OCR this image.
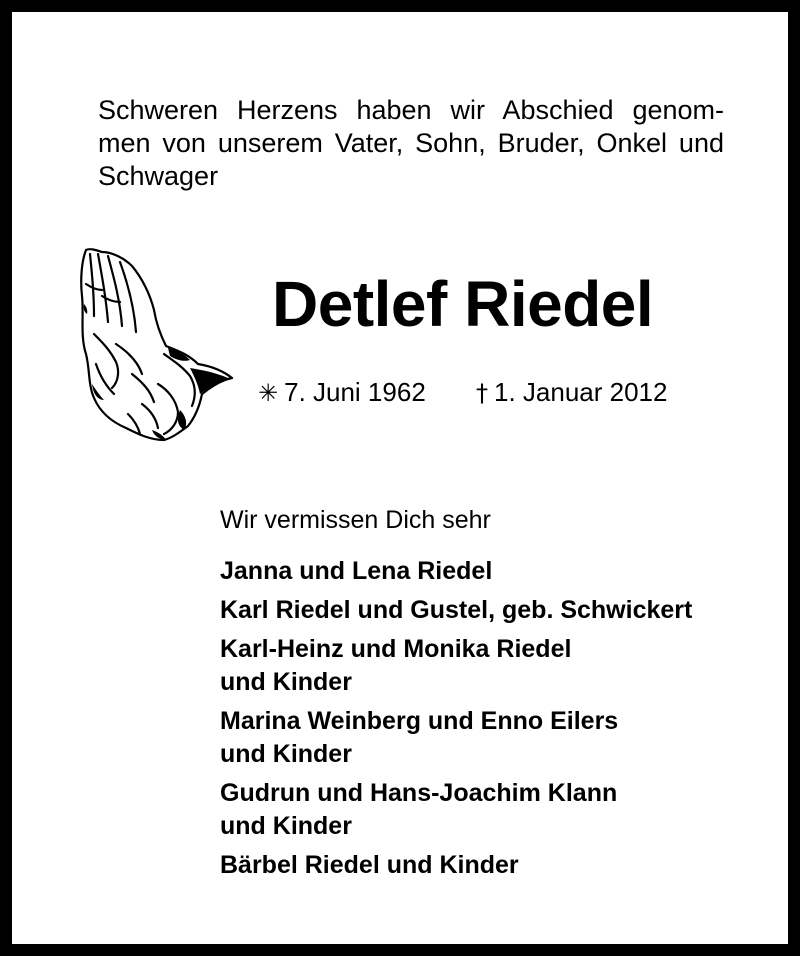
Schweren Herzens haben wir Abschied genom-
men von unserem Vater, Sohn, Bruder, Onkel und
Schwager

Detlef Riedel
✳ 7. Juni 1962 † 1. Januar 2012
Wir vermissen Dich sehr
Janna und Lena Riedel
Karl Riedel und Gustel, geb. Schwickert
Karl-Heinz und Monika Riedel
und Kinder
Marina Weinberg und Enno Eilers
und Kinder
Gudrun und Hans-Joachim Klann
und Kinder
Bärbel Riedel und Kinder
